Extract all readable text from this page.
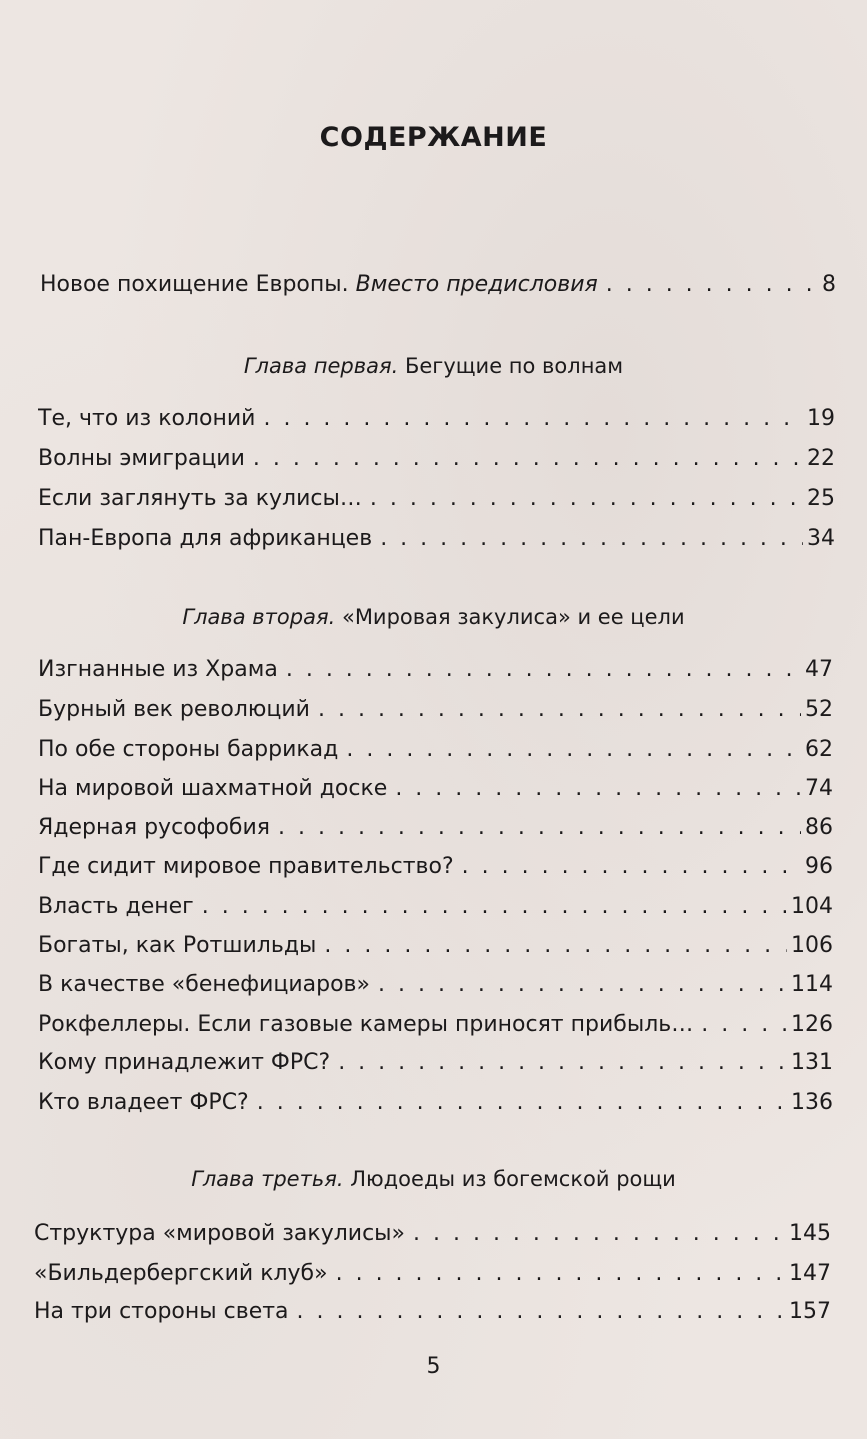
СОДЕРЖАНИЕ
Новое похищение Европы. Вместо предисловия . . .	8
Глава первая. Бегущие по волнам
Те, что из колоний . . .	19
Волны эмиграции . . .	22
Если заглянуть за кулисы… . . .	25
Пан-Европа для африканцев . . .	34
Глава вторая. «Мировая закулиса» и ее цели
Изгнанные из Храма . . .	47
Бурный век революций . . .	52
По обе стороны баррикад . . .	62
На мировой шахматной доске . . .	74
Ядерная русофобия . . .	86
Где сидит мировое правительство? . . .	96
Власть денег . . .	104
Богаты, как Ротшильды . . .	106
В качестве «бенефициаров» . . .	114
Рокфеллеры. Если газовые камеры приносят прибыль… . . .	126
Кому принадлежит ФРС? . . .	131
Кто владеет ФРС? . . .	136
Глава третья. Людоеды из богемской рощи
Структура «мировой закулисы» . . .	145
«Бильдербергский клуб» . . .	147
На три стороны света . . .	157
5
